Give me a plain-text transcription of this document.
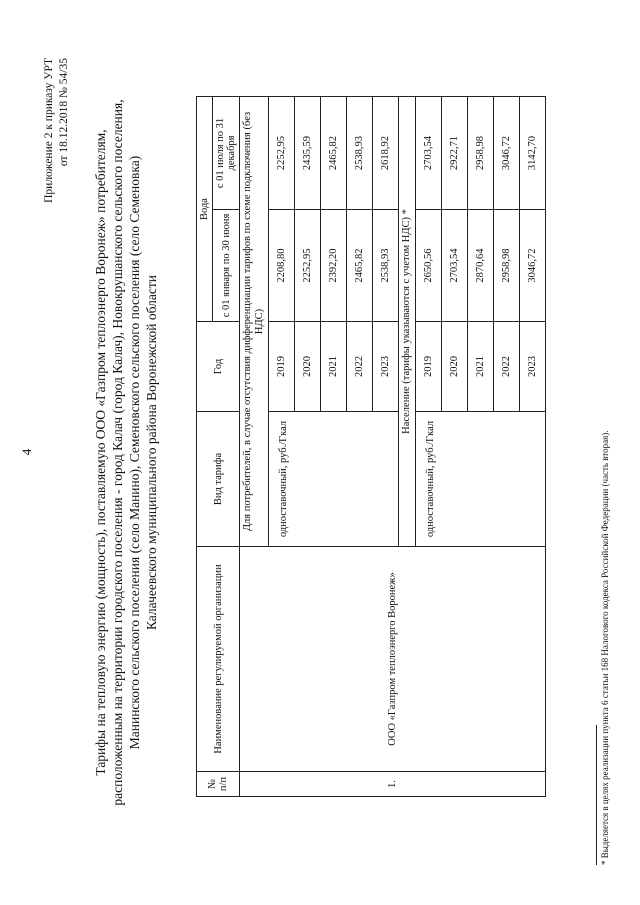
4
Приложение 2 к приказу УРТ от 18.12.2018 № 54/35
Тарифы на тепловую энергию (мощность), поставляемую ООО «Газпром теплоэнерго Воронеж» потребителям, расположенным на территории городского поселения - город Калач (город Калач), Новокрушанского сельского поселения, Манинского сельского поселения (село Манино), Семеновского сельского поселения (село Семеновка) Калачеевского муниципального района Воронежской области
№ п/п	Наименование регулируемой организации	Вид тарифа	Год	Вода	
				с 01 января по 30 июня	с 01 июля по 31 декабря
1.	ООО «Газпром теплоэнерго Воронеж»	Для потребителей, в случае отсутствия дифференциации тарифов по схеме подключения (без НДС)			
		одноставочный, руб./Гкал	2019	2208,80	2252,95
			2020	2252,95	2435,59
			2021	2392,20	2465,82
			2022	2465,82	2538,93
			2023	2538,93	2618,92
		Население (тарифы указываются с учетом НДС) *			
		одноставочный, руб./Гкал	2019	2650,56	2703,54
			2020	2703,54	2922,71
			2021	2870,64	2958,98
			2022	2958,98	3046,72
			2023	3046,72	3142,70
* Выделяется в целях реализации пункта 6 статьи 168 Налогового кодекса Российской Федерации (часть вторая).
